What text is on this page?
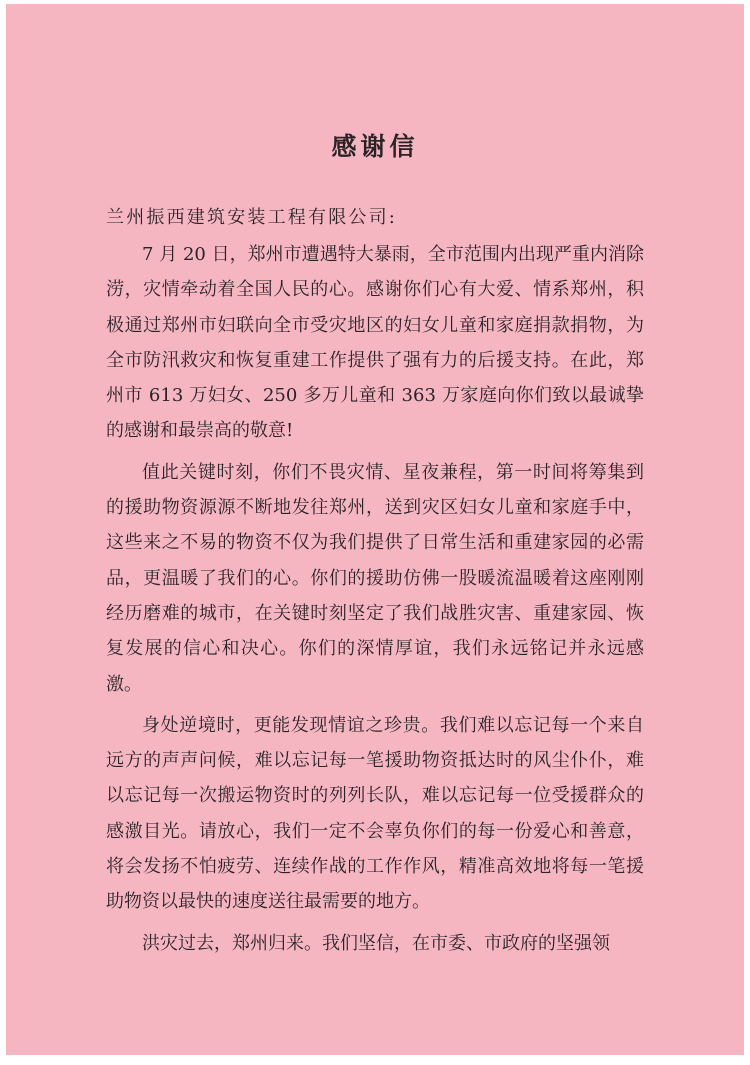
感谢信

兰州振西建筑安装工程有限公司:

7 月 20 日，郑州市遭遇特大暴雨，全市范围内出现严重内消除涝，灾情牵动着全国人民的心。感谢你们心有大爱、情系郑州，积极通过郑州市妇联向全市受灾地区的妇女儿童和家庭捐款捐物，为全市防汛救灾和恢复重建工作提供了强有力的后援支持。在此，郑州市 613 万妇女、250 多万儿童和 363 万家庭向你们致以最诚挚的感谢和最崇高的敬意!

值此关键时刻，你们不畏灾情、星夜兼程，第一时间将筹集到的援助物资源源不断地发往郑州，送到灾区妇女儿童和家庭手中，这些来之不易的物资不仅为我们提供了日常生活和重建家园的必需品，更温暖了我们的心。你们的援助仿佛一股暖流温暖着这座刚刚经历磨难的城市，在关键时刻坚定了我们战胜灾害、重建家园、恢复发展的信心和决心。你们的深情厚谊，我们永远铭记并永远感激。

身处逆境时，更能发现情谊之珍贵。我们难以忘记每一个来自远方的声声问候，难以忘记每一笔援助物资抵达时的风尘仆仆，难以忘记每一次搬运物资时的列列长队，难以忘记每一位受援群众的感激目光。请放心，我们一定不会辜负你们的每一份爱心和善意，将会发扬不怕疲劳、连续作战的工作作风，精准高效地将每一笔援助物资以最快的速度送往最需要的地方。

洪灾过去，郑州归来。我们坚信，在市委、市政府的坚强领
